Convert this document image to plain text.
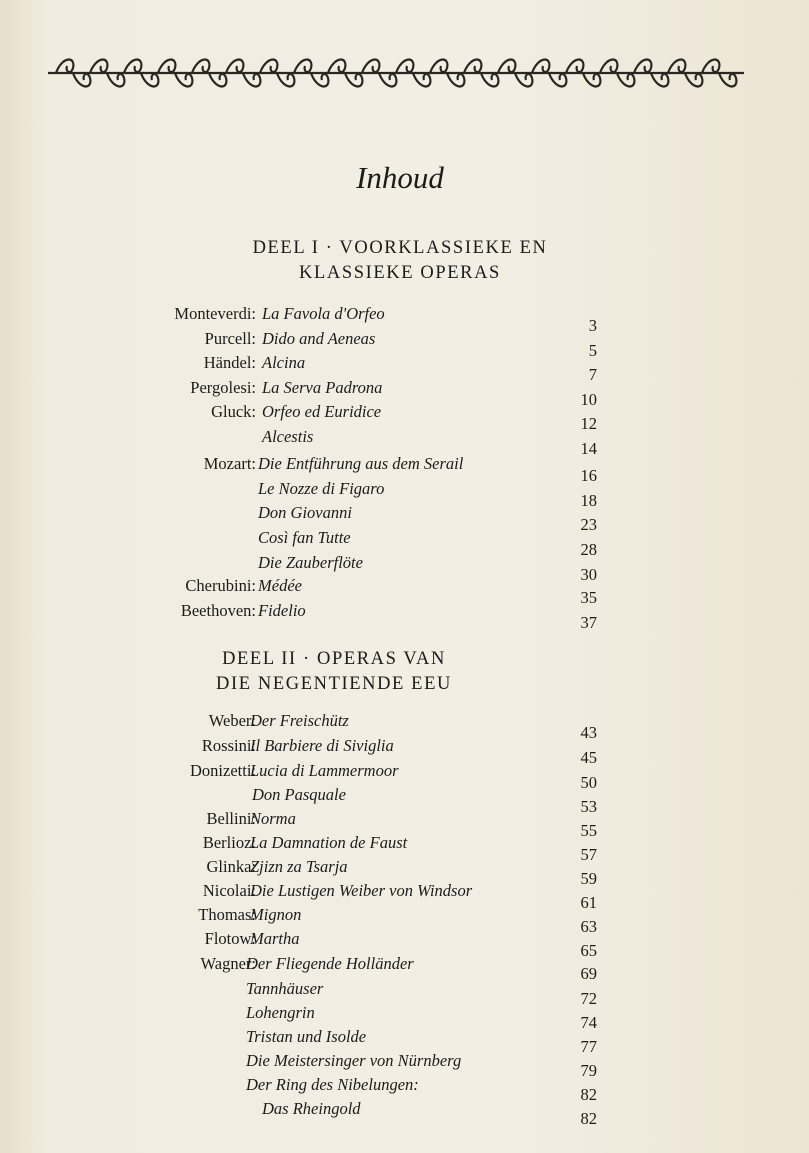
Inhoud
DEEL I · VOORKLASSIEKE EN
KLASSIEKE OPERAS
DEEL II · OPERAS VAN
DIE NEGENTIENDE EEU
Monteverdi: La Favola d'Orfeo
3
Purcell: Dido and Aeneas
5
Händel: Alcina
7
Pergolesi: La Serva Padrona
10
Gluck: Orfeo ed Euridice
12
Alcestis
14
Mozart: Die Entführung aus dem Serail
16
Le Nozze di Figaro
18
Don Giovanni
23
Così fan Tutte
28
Die Zauberflöte
30
Cherubini: Médée
35
Beethoven: Fidelio
37
Weber:
Der Freischütz
43
Rossini:
Il Barbiere di Siviglia
45
Donizetti:
Lucia di Lammermoor
50
Don Pasquale
53
Bellini:
Norma
55
Berlioz:
La Damnation de Faust
57
Glinka:
Zjizn za Tsarja
59
Nicolai:
Die Lustigen Weiber von Windsor
61
Thomas:
Mignon
63
Flotow:
Martha
65
Wagner:
Der Fliegende Holländer
69
Tannhäuser
72
Lohengrin
74
Tristan und Isolde
77
Die Meistersinger von Nürnberg
79
Der Ring des Nibelungen:
82
Das Rheingold
82
